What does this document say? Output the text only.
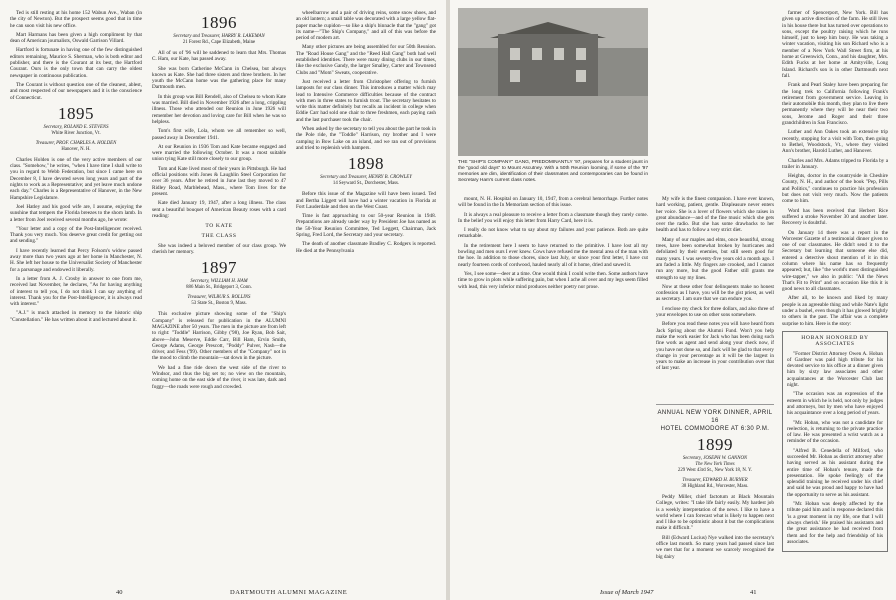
Ted is still resting at his home 152 Wabun Ave., Waban (in the city of Newton). But the prospect seems good that in time he can soon visit his new office.

Mart Harmans has been given a high compliment by that dean of American journalists, Oswald Garrison Villard.

Hartford is fortunate in having one of the few distinguished editors remaining, Maurice S. Sherman, who is both editor and publisher, and there is the Courant at its best, the Hartford Courant. Ours is the only town that can carry the oldest newspaper in continuous publication.

The Courant is without question one of the cleanest, ablest, and most respected of our newspapers and it is the conscience of Connecticut.

1895
Secretary, ROLAND E. STEVENS
White River Junction, Vt.
Treasurer, PROF. CHARLES A. HOLDEN
Hanover, N. H.

Charles Holden is one of the very active members of our class. "Somehow," he writes, "when I have time I shall write to you in regard to Webb Federation, but since I came here on December 8, I have devoted seven long years and part of the nights to work as a Representative; and yet leave much undone each day." Charles is a Representative of Hanover, in the New Hampshire Legislature.

Joel Hatley and his good wife are, I assume, enjoying the sunshine that tempers the Florida breezes to the shorn lamb. In a letter from Joel received several months ago, he wrote:

"Your letter and a copy of the Post-Intelligencer received. Thank you very much. You deserve great credit for getting out and sending."

I have recently learned that Percy Folsom's widow passed away more than two years ago at her home in Manchester, N. H. She left her house to the Universalist Society of Manchester for a parsonage and endowed it liberally.

In a letter from A. J. Crosby in answer to one from me, received last November, he declares, "As for having anything of interest to tell you, I do not think I can say anything of interest. Thank you for the Post-Intelligencer, it is always read with interest."

"A.J." is much attached in memory to the historic ship "Constellation." He has written about it and lectured about it.

1896
Secretary and Treasurer, HARRY R. LAKEMAN
21 Forest Rd., Cape Elizabeth, Maine

All of us of '96 will be saddened to learn that Mrs. Thomas C. Ham, our Kate, has passed away.

She was born Catherine McCann in Chelsea, but always known as Kate. She had three sisters and three brothers. In her youth the McCann home was the gathering place for many Dartmouth men.

In this group was Bill Rendell, also of Chelsea to whom Kate was married. Bill died in November 1926 after a long, crippling illness. Those who attended our Reunion in June 1926 will remember her devotion and loving care for Bill when he was so helpless.

Tom's first wife, Lola, whom we all remember so well, passed away in December 1941.

At our Reunion in 1936 Tom and Kate became engaged and were married the following October. It was a most suitable union tying Kate still more closely to our group.

Tom and Kate lived most of their years in Pittsburgh. He had official positions with Jones & Laughlin Steel Corporation for over 36 years. After he retired in June last they moved to 47 Ridley Road, Marblehead, Mass., where Tom lives for the present.

Kate died January 19, 1947, after a long illness. The class sent a beautiful bouquet of American Beauty roses with a card reading:

TO KATE
THE CLASS

She was indeed a beloved member of our class group. We cherish her memory.

1897
Secretary, WILLIAM H. HAM
886 Main St., Bridgeport 3, Conn.
Treasurer, WILBUR S. ROLLINS
53 State St., Boston 9, Mass.

This exclusive picture showing some of the "Ship's Company" is released for publication in the ALUMNI MAGAZINE after 50 years. The men in the picture are from left to right: "Toddle" Harrison, Gibby ('98), Joe Ryan, Bob Sait, above—John Meserve, Eddie Carr, Bill Ham, Ervin Smith, George Adams, George Prescott, "Poddy" Pulver, Nash—the driver, and Fess ('99). Other members of the "Company" not in the mood to climb the mountain—sat down in the picture.

We had a fine ride down the west side of the river to Windsor, and thus the big set to; no view on the mountain, coming home on the east side of the river, it was late, dark and foggy—the roads were rough and crowded.

wheelbarrow and a pair of driving reins, some snow shoes, and an old lantern; a small table was decorated with a large yellow flat-paper mache cupidon—so like a ship's binnacle that the "gang" got its name—"The Ship's Company," and all of this was before the period of modern art.

Many other pictures are being assembled for our 50th Reunion. The "Road House Gang" and the "Reed Hall Gang" both had well established identities. There were many dining clubs in our times, like the exclusive Gandy, the larger Smalley, Carter and Townsend Clubs and "Mom" Sweats, cooperative.

Just received a letter from Christopher offering to furnish lamposts for our class dinner. This introduces a matter which may lead to Intensive Commerce difficulties because of the contract with men in three states to furnish trout. The secretary hesitates to write this matter definitely but recalls an incident in college when Eddie Carr had sold one chair to three freshmen, each paying cash and the last purchaser took the chair.

When asked by the secretary to tell you about the part he took in the Pole ride, the "Toddle" Harrison, my brother and I were camping in Bow Lake on an island, and we ran out of provisions and tried to replenish with hampers.

1898
Secretary and Treasurer, HENRY B. CROWLEY
14 Seyward St., Dorchester, Mass.

Before this issue of the Magazine will have been issued. Ted and Bertha Liggett will have had a winter vacation in Florida at Fort Lauderdale and then on the West Coast.

Time is fast approaching to our 50-year Reunion in 1948. Preparations are already under way by President Joe has named as the 50-Year Reunion Committee, Ted Leggett, Chairman, Jack Spring, Fred Lord, the Secretary and your secretary.

The death of another classmate Bradley C. Rodgers is reported. He died at the Pennsylvania

40	DARTMOUTH ALUMNI MAGAZINE
THE "SHIP'S COMPANY" GANG, PREDOMINANTLY '97, prepares for a student jaunt in the "good old days" to Mount Ascutney. With a 50th Reunion looming, if some of the '97 memories are dim, identification of their classmates and contemporaries can be found in Secretary Ham's current class notes.

mount, N. H. Hospital on January 10, 1947, from a cerebral hemorrhage. Further notes will be found in the In Memoriam section of this issue.

It is always a real pleasure to receive a letter from a classmate though they rarely come. In the belief you will enjoy this letter from Harry Card, here it is.

I really do not know what to say about my failures and your patience. Both are quite remarkable.

In the retirement here I seem to have returned to the primitive. I have lost all my bowling and men ours I ever knew. Cows have refused me the mental area of the man with the hoe. In addition to those chores, since last July, or since your first letter, I have cut nearly fourteen cords of cordwood, hauled nearly all of it home, dried and sawed it.

Yes, I see some—deer at a time. One would think I could write then. Some authors have time to grow in plots while suffering pain, but when I ache all over and my legs seem filled with lead, this very inferior mind produces neither poetry nor prose.

My wife is the finest companion. I have ever known, hard working, patient, gentle. Displeasure never enters her voice. She is a lover of flowers which she raises in great abundance—and of the fine music which she gets over the radio. But she has some drawbacks to her health and has to follow a very strict diet.

Many of our maples and elms, once beautiful, strong trees, have been somewhat broken by hurricanes and defoliated by their enemies, but still seem good for many years. I was seventy-five years old a month ago. I am faded a little. My fingers are crooked, and I cannot run any more, but the good Father still grants me strength to say my lines.

Now at these other four delinquents make no honest confession as I have, you will be the gist priest, as well as secretary. I am sure that we can endure you.

I enclose my check for three dollars, and also three of your envelopes to use on other sons somewhere.

Before you read these notes you will have heard from Jack Spring about the Alumni Fund. Won't you help make the work easier for Jack who has been doing such fine work as agent and send along your check now, if you have not done so, and Jack will be glad to that every change in your percentage as it will be the largest in years to make an increase in your contribution over that of last year.

ANNUAL NEW YORK DINNER, APRIL 16
HOTEL COMMODORE AT 6:30 P.M.
1899
Secretary, JOSEPH W. GANNON
The New York Times
229 West 43rd St., New York 18, N. Y.
Treasurer, EDWARD H. BURNER
38 Highland Rd., Worcester, Mass.

Peddy Miller, chief factotum at Black Mountain College, writes: "I take life fairly easily. My hardest job is a weekly interpretation of the news. I like to have a world where I can forecast what is likely to happen next and I like to be optimistic about it but the complications make it difficult."

Bill (Edward Lucius) Nye walked into the secretary's office last month. So many years had passed since last we met that for a moment we scarcely recognized the big dairy

farmer of Spencerport, New York. Bill has given up active direction of the farm. He still lives in his house there but has turned over operations to sons, except the poultry raising which he runs himself, just to keep him busy. He was taking a winter vacation, visiting his son Richard who is a member of a New York Wall Street firm, at his home at Greenwich, Conn., and his daughter, Mrs. Edith Fucks at her home at Amityville, Long Island. Richard's son is in other Dartmouth next fall.

Frank and Pearl Staley have been preparing for the long trek to California following Frank's retirement from government service. Leaving in their automobile this month, they plan to live there permanently where they will be near their two sons, Jerome and Roger and their three grandchildren in San Francisco.

Luther and Ann Oakes took an extensive trip recently, stopping for a visit with Tom, then going to Bethel, Woodstock, Vt., where they visited Ann's brother, Harold Luther, and Hanover.

Charles and Mrs. Adams tripped to Florida by a trailer in January.

Heights, doctor in the countryside in Cheshire County, N. H., and author of the book "Pep, Pills and Politics," continues to practice his profession but does not visit very much. Now the patients come to him.

Word has been received that Herbert Rice suffered a stroke November 30 and another later. Recovery is doubtful.

On January 14 there was a report in the Worcester Gazette of a testimonial dinner given to one of our classmates. He didn't send it to the Secretary but learning that someone else did, entered a detective shout mention of it in this column where his name has so frequently appeared; but, like "the world's most distinguished wire-tapper," we also in public: "All the News That's Fit to Print" and on occasion like this it is good news to all classmates.

After all, to be known and liked by many people is an agreeable thing and while Nate's light under a bushel, even though it has glowed brightly to others in the past. The affair was a complete surprise to him. Here is the story:

HOBAN HONORED BY ASSOCIATES

"Former District Attorney Owen A. Hoban of Gardner was paid high tribute for his devoted service to his office at a dinner given him by sixty law associates and other acquaintances at the Worcester Club last night.

"The occasion was an expression of the esteem in which he is held, not only by judges and attorneys, but by men who have enjoyed his acquaintance over a long period of years.

"Mr. Hoban, who was not a candidate for reelection, is returning to the private practice of law. He was presented a wrist watch as a reminder of the occasion.

"Alfred B. Cenedella of Milford, who succeeded Mr. Hoban as district attorney after having served as his assistant during the entire time of Hoban's tenure, made the presentation. He spoke feelingly of the splendid training he received under his chief and said he was proud and happy to have had the opportunity to serve as his assistant.

"Mr. Hoban was deeply affected by the tribute paid him and in response declared this 'is a great moment in my life, one that I will always cherish.' He praised his assistants and the great assistance he had received from them and for the help and friendship of his associates.

Issue of March 1947	41
